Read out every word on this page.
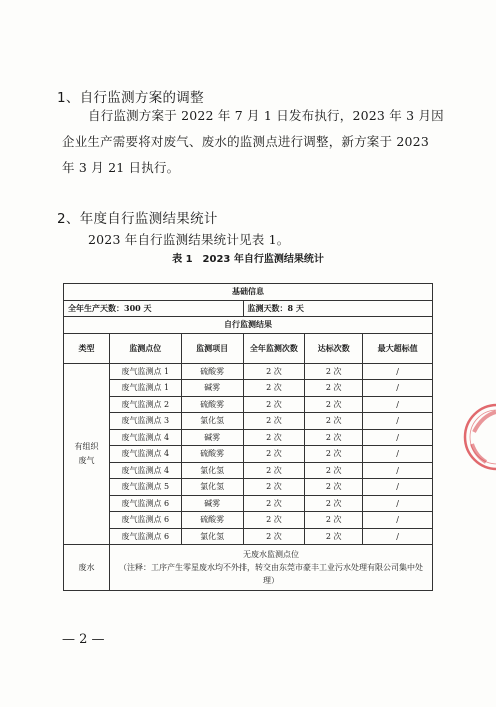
1、自行监测方案的调整
自行监测方案于 2022 年 7 月 1 日发布执行，2023 年 3 月因
企业生产需要将对废气、废水的监测点进行调整，新方案于 2023
年 3 月 21 日执行。
2、年度自行监测结果统计
2023 年自行监测结果统计见表 1。
表 1　2023 年自行监测结果统计
基础信息					
全年生产天数：300 天			监测天数：8 天		
自行监测结果					
类型	监测点位	监测项目	全年监测次数	达标次数	最大超标值
有组织废气	废气监测点 1	硫酸雾	2 次	2 次	/
	废气监测点 1	碱雾	2 次	2 次	/
	废气监测点 2	硫酸雾	2 次	2 次	/
	废气监测点 3	氯化氢	2 次	2 次	/
	废气监测点 4	碱雾	2 次	2 次	/
	废气监测点 4	硫酸雾	2 次	2 次	/
	废气监测点 4	氯化氢	2 次	2 次	/
	废气监测点 5	氯化氢	2 次	2 次	/
	废气监测点 6	碱雾	2 次	2 次	/
	废气监测点 6	硫酸雾	2 次	2 次	/
	废气监测点 6	氯化氢	2 次	2 次	/
废水	无废水监测点位
（注释：工序产生零星废水均不外排，转交由东莞市豪丰工业污水处理有限公司集中处理）				
— 2 —
